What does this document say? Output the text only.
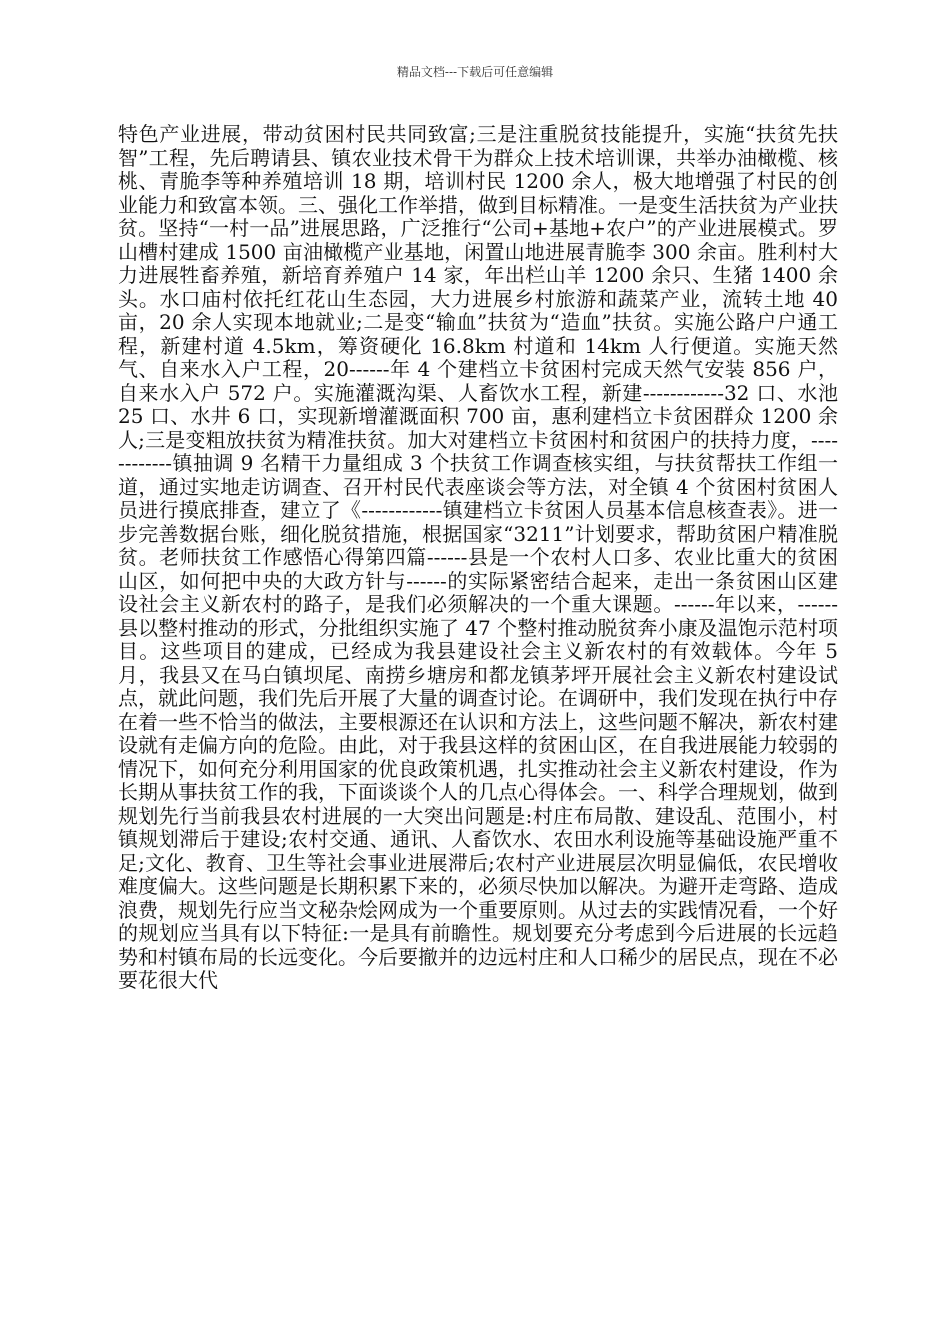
精品文档---下载后可任意编辑

特色产业进展，带动贫困村民共同致富;三是注重脱贫技能提升，实施“扶贫先扶智”工程，先后聘请县、镇农业技术骨干为群众上技术培训课，共举办油橄榄、核桃、青脆李等种养殖培训 18 期，培训村民 1200 余人，极大地增强了村民的创业能力和致富本领。三、强化工作举措，做到目标精准。一是变生活扶贫为产业扶贫。坚持“一村一品”进展思路，广泛推行“公司+基地+农户”的产业进展模式。罗山槽村建成 1500 亩油橄榄产业基地，闲置山地进展青脆李 300 余亩。胜利村大力进展牲畜养殖，新培育养殖户 14 家，年出栏山羊 1200 余只、生猪 1400 余头。水口庙村依托红花山生态园，大力进展乡村旅游和蔬菜产业，流转土地 40 亩，20 余人实现本地就业;二是变“输血”扶贫为“造血”扶贫。实施公路户户通工程，新建村道 4.5km，筹资硬化 16.8km 村道和 14km 人行便道。实施天然气、自来水入户工程，20------年 4 个建档立卡贫困村完成天然气安装 856 户，自来水入户 572 户。实施灌溉沟渠、人畜饮水工程，新建------------32 口、水池 25 口、水井 6 口，实现新增灌溉面积 700 亩，惠利建档立卡贫困群众 1200 余人;三是变粗放扶贫为精准扶贫。加大对建档立卡贫困村和贫困户的扶持力度，------------镇抽调 9 名精干力量组成 3 个扶贫工作调查核实组，与扶贫帮扶工作组一道，通过实地走访调查、召开村民代表座谈会等方法，对全镇 4 个贫困村贫困人员进行摸底排查，建立了《------------镇建档立卡贫困人员基本信息核查表》。进一步完善数据台账，细化脱贫措施，根据国家“3211”计划要求，帮助贫困户精准脱贫。老师扶贫工作感悟心得第四篇------县是一个农村人口多、农业比重大的贫困山区，如何把中央的大政方针与------的实际紧密结合起来，走出一条贫困山区建设社会主义新农村的路子，是我们必须解决的一个重大课题。------年以来，------县以整村推动的形式，分批组织实施了 47 个整村推动脱贫奔小康及温饱示范村项目。这些项目的建成，已经成为我县建设社会主义新农村的有效载体。今年 5 月，我县又在马白镇坝尾、南捞乡塘房和都龙镇茅坪开展社会主义新农村建设试点，就此问题，我们先后开展了大量的调查讨论。在调研中，我们发现在执行中存在着一些不恰当的做法，主要根源还在认识和方法上，这些问题不解决，新农村建设就有走偏方向的危险。由此，对于我县这样的贫困山区，在自我进展能力较弱的情况下，如何充分利用国家的优良政策机遇，扎实推动社会主义新农村建设，作为长期从事扶贫工作的我，下面谈谈个人的几点心得体会。一、科学合理规划，做到规划先行当前我县农村进展的一大突出问题是:村庄布局散、建设乱、范围小，村镇规划滞后于建设;农村交通、通讯、人畜饮水、农田水利设施等基础设施严重不足;文化、教育、卫生等社会事业进展滞后;农村产业进展层次明显偏低，农民增收难度偏大。这些问题是长期积累下来的，必须尽快加以解决。为避开走弯路、造成浪费，规划先行应当文秘杂烩网成为一个重要原则。从过去的实践情况看，一个好的规划应当具有以下特征:一是具有前瞻性。规划要充分考虑到今后进展的长远趋势和村镇布局的长远变化。今后要撤并的边远村庄和人口稀少的居民点，现在不必要花很大代
